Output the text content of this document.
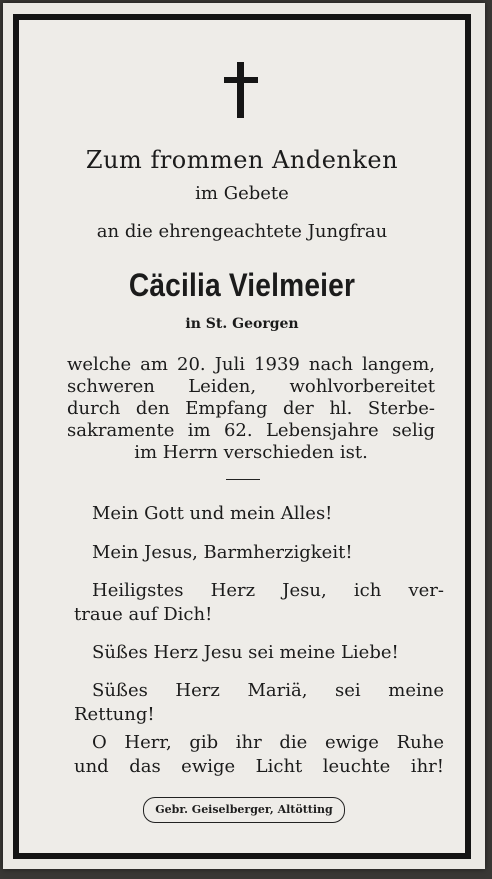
Zum frommen Andenken
im Gebete
an die ehrengeachtete Jungfrau
Cäcilia Vielmeier
in St. Georgen
welche am 20. Juli 1939 nach langem,
schweren Leiden, wohlvorbereitet
durch den Empfang der hl. Sterbe-
sakramente im 62. Lebensjahre selig
im Herrn verschieden ist.
Mein Gott und mein Alles!
Mein Jesus, Barmherzigkeit!
Heiligstes Herz Jesu, ich ver-
traue auf Dich!
Süßes Herz Jesu sei meine Liebe!
Süßes Herz Mariä, sei meine
Rettung!
O Herr, gib ihr die ewige Ruhe
und das ewige Licht leuchte ihr!
Gebr. Geiselberger, Altötting
